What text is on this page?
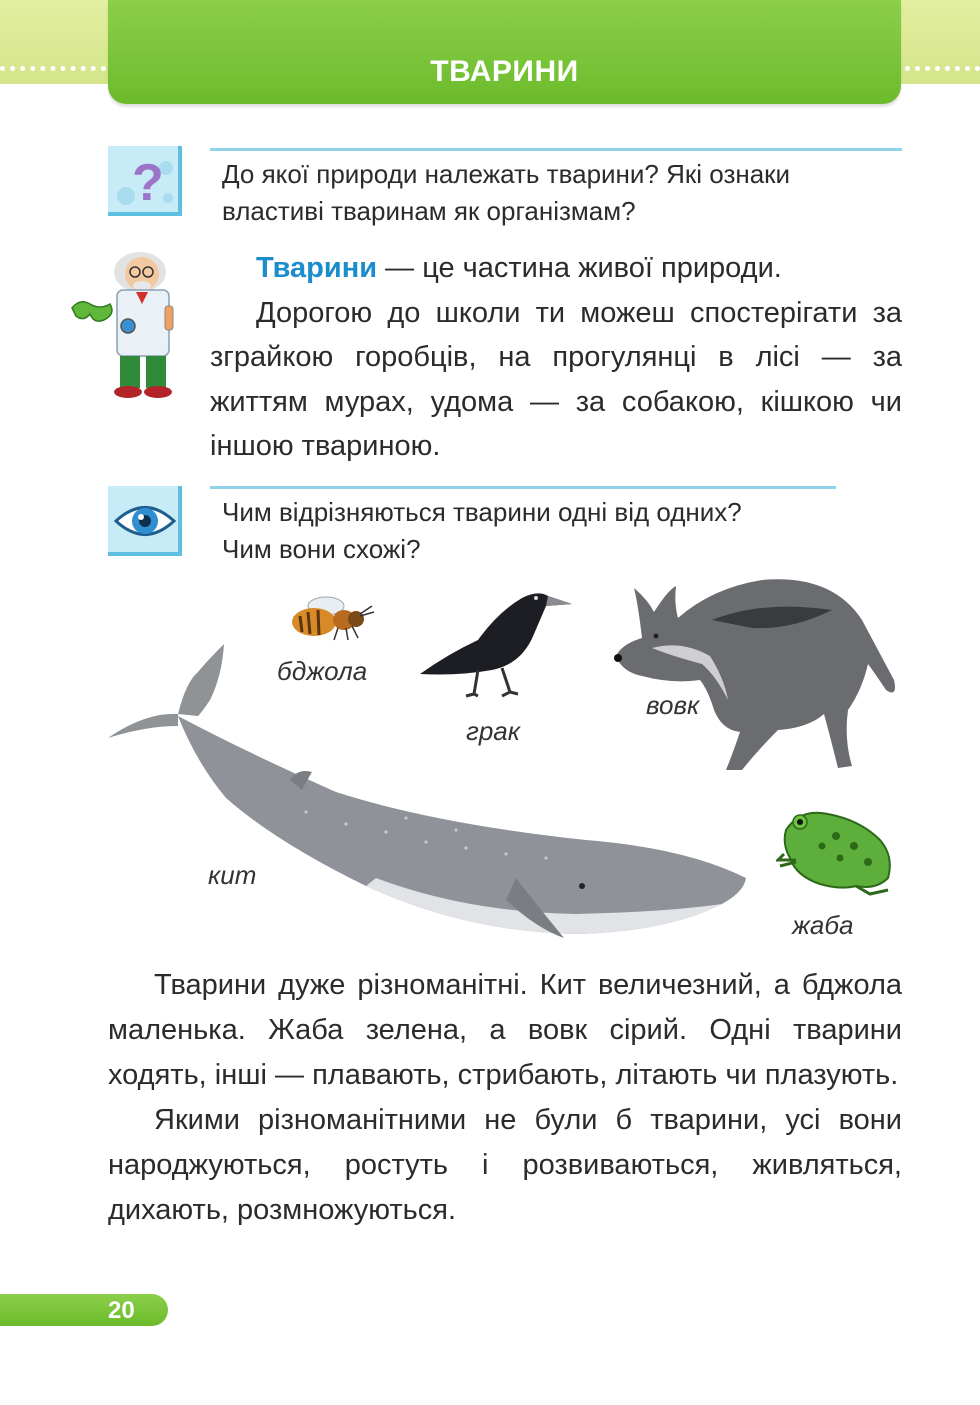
ТВАРИНИ
? До якої природи належать тварини? Які ознаки
властиві тваринам як організмам?

Тварини — це частина живої природи.

Дорогою до школи ти можеш спостерігати за зграйкою горобців, на прогулянці в лісі — за життям мурах, удома — за собакою, кішкою чи іншою твариною.

Чим відрізняються тварини одні від одних?
Чим вони схожі?
бджола
грак
вовк
кит
жаба

Тварини дуже різноманітні. Кит величезний, а бджола маленька. Жаба зелена, а вовк сірий. Одні тварини ходять, інші — плавають, стрибають, літають чи плазують.

Якими різноманітними не були б тварини, усі вони народжуються, ростуть і розвиваються, живляться, дихають, розмножуються.

20
